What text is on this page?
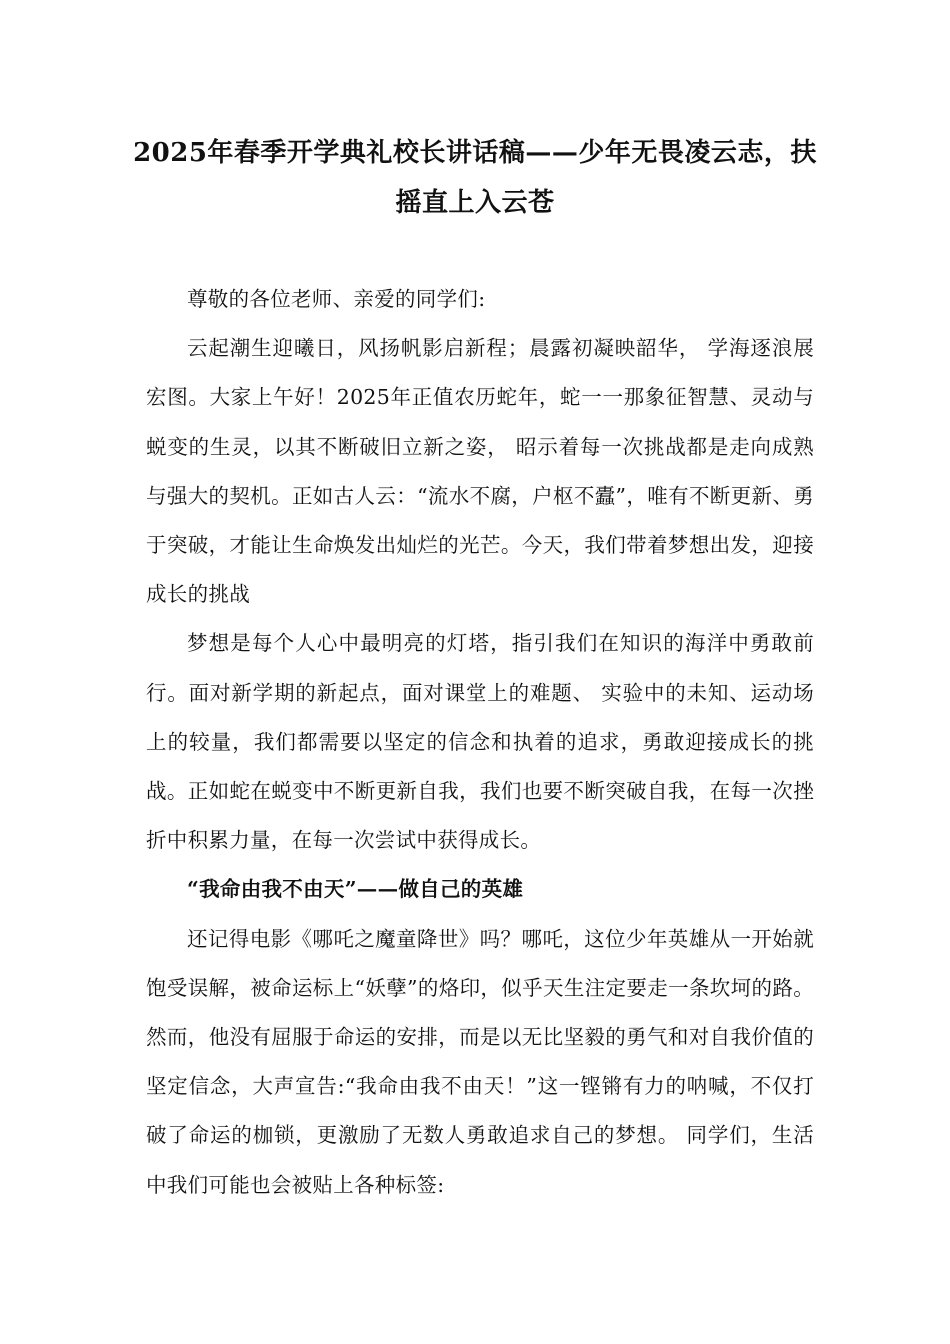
2025年春季开学典礼校长讲话稿——少年无畏凌云志，扶摇直上入云苍

尊敬的各位老师、亲爱的同学们:

云起潮生迎曦日，风扬帆影启新程；晨露初凝映韶华， 学海逐浪展宏图。大家上午好！2025年正值农历蛇年，蛇一一那象征智慧、灵动与蜕变的生灵，以其不断破旧立新之姿， 昭示着每一次挑战都是走向成熟与强大的契机。正如古人云：“流水不腐，户枢不蠹”，唯有不断更新、勇于突破，才能让生命焕发出灿烂的光芒。今天，我们带着梦想出发，迎接成长的挑战

梦想是每个人心中最明亮的灯塔，指引我们在知识的海洋中勇敢前行。面对新学期的新起点，面对课堂上的难题、 实验中的未知、运动场上的较量，我们都需要以坚定的信念和执着的追求，勇敢迎接成长的挑战。正如蛇在蜕变中不断更新自我，我们也要不断突破自我，在每一次挫折中积累力量，在每一次尝试中获得成长。

“我命由我不由天”——做自己的英雄

还记得电影《哪吒之魔童降世》吗？哪吒，这位少年英雄从一开始就饱受误解，被命运标上“妖孽”的烙印，似乎天生注定要走一条坎坷的路。然而，他没有屈服于命运的安排，而是以无比坚毅的勇气和对自我价值的坚定信念，大声宣告:“我命由我不由天！”这一铿锵有力的呐喊，不仅打破了命运的枷锁，更激励了无数人勇敢追求自己的梦想。 同学们，生活中我们可能也会被贴上各种标签:
